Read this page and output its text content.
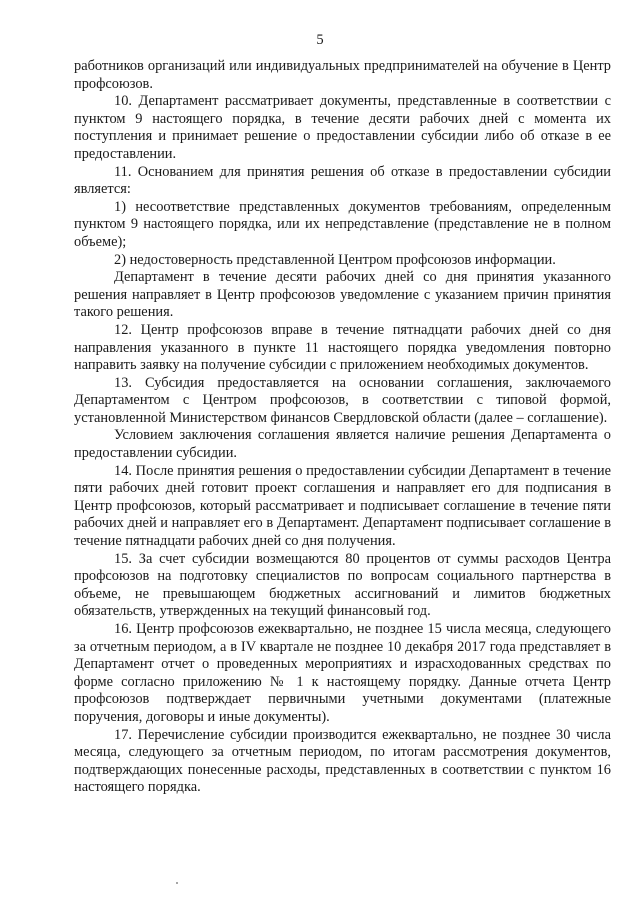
5

работников организаций или индивидуальных предпринимателей на обучение в Центр профсоюзов.

10. Департамент рассматривает документы, представленные в соответствии с пунктом 9 настоящего порядка, в течение десяти рабочих дней с момента их поступления и принимает решение о предоставлении субсидии либо об отказе в ее предоставлении.

11. Основанием для принятия решения об отказе в предоставлении субсидии является:

1) несоответствие представленных документов требованиям, определенным пунктом 9 настоящего порядка, или их непредставление (представление не в полном объеме);

2) недостоверность представленной Центром профсоюзов информации.

Департамент в течение десяти рабочих дней со дня принятия указанного решения направляет в Центр профсоюзов уведомление с указанием причин принятия такого решения.

12. Центр профсоюзов вправе в течение пятнадцати рабочих дней со дня направления указанного в пункте 11 настоящего порядка уведомления повторно направить заявку на получение субсидии с приложением необходимых документов.

13. Субсидия предоставляется на основании соглашения, заключаемого Департаментом с Центром профсоюзов, в соответствии с типовой формой, установленной Министерством финансов Свердловской области (далее – соглашение).

Условием заключения соглашения является наличие решения Департамента о предоставлении субсидии.

14. После принятия решения о предоставлении субсидии Департамент в течение пяти рабочих дней готовит проект соглашения и направляет его для подписания в Центр профсоюзов, который рассматривает и подписывает соглашение в течение пяти рабочих дней и направляет его в Департамент. Департамент подписывает соглашение в течение пятнадцати рабочих дней со дня получения.

15. За счет субсидии возмещаются 80 процентов от суммы расходов Центра профсоюзов на подготовку специалистов по вопросам социального партнерства в объеме, не превышающем бюджетных ассигнований и лимитов бюджетных обязательств, утвержденных на текущий финансовый год.

16. Центр профсоюзов ежеквартально, не позднее 15 числа месяца, следующего за отчетным периодом, а в IV квартале не позднее 10 декабря 2017 года представляет в Департамент отчет о проведенных мероприятиях и израсходованных средствах по форме согласно приложению № 1 к настоящему порядку. Данные отчета Центр профсоюзов подтверждает первичными учетными документами (платежные поручения, договоры и иные документы).

17. Перечисление субсидии производится ежеквартально, не позднее 30 числа месяца, следующего за отчетным периодом, по итогам рассмотрения документов, подтверждающих понесенные расходы, представленных в соответствии с пунктом 16 настоящего порядка.
